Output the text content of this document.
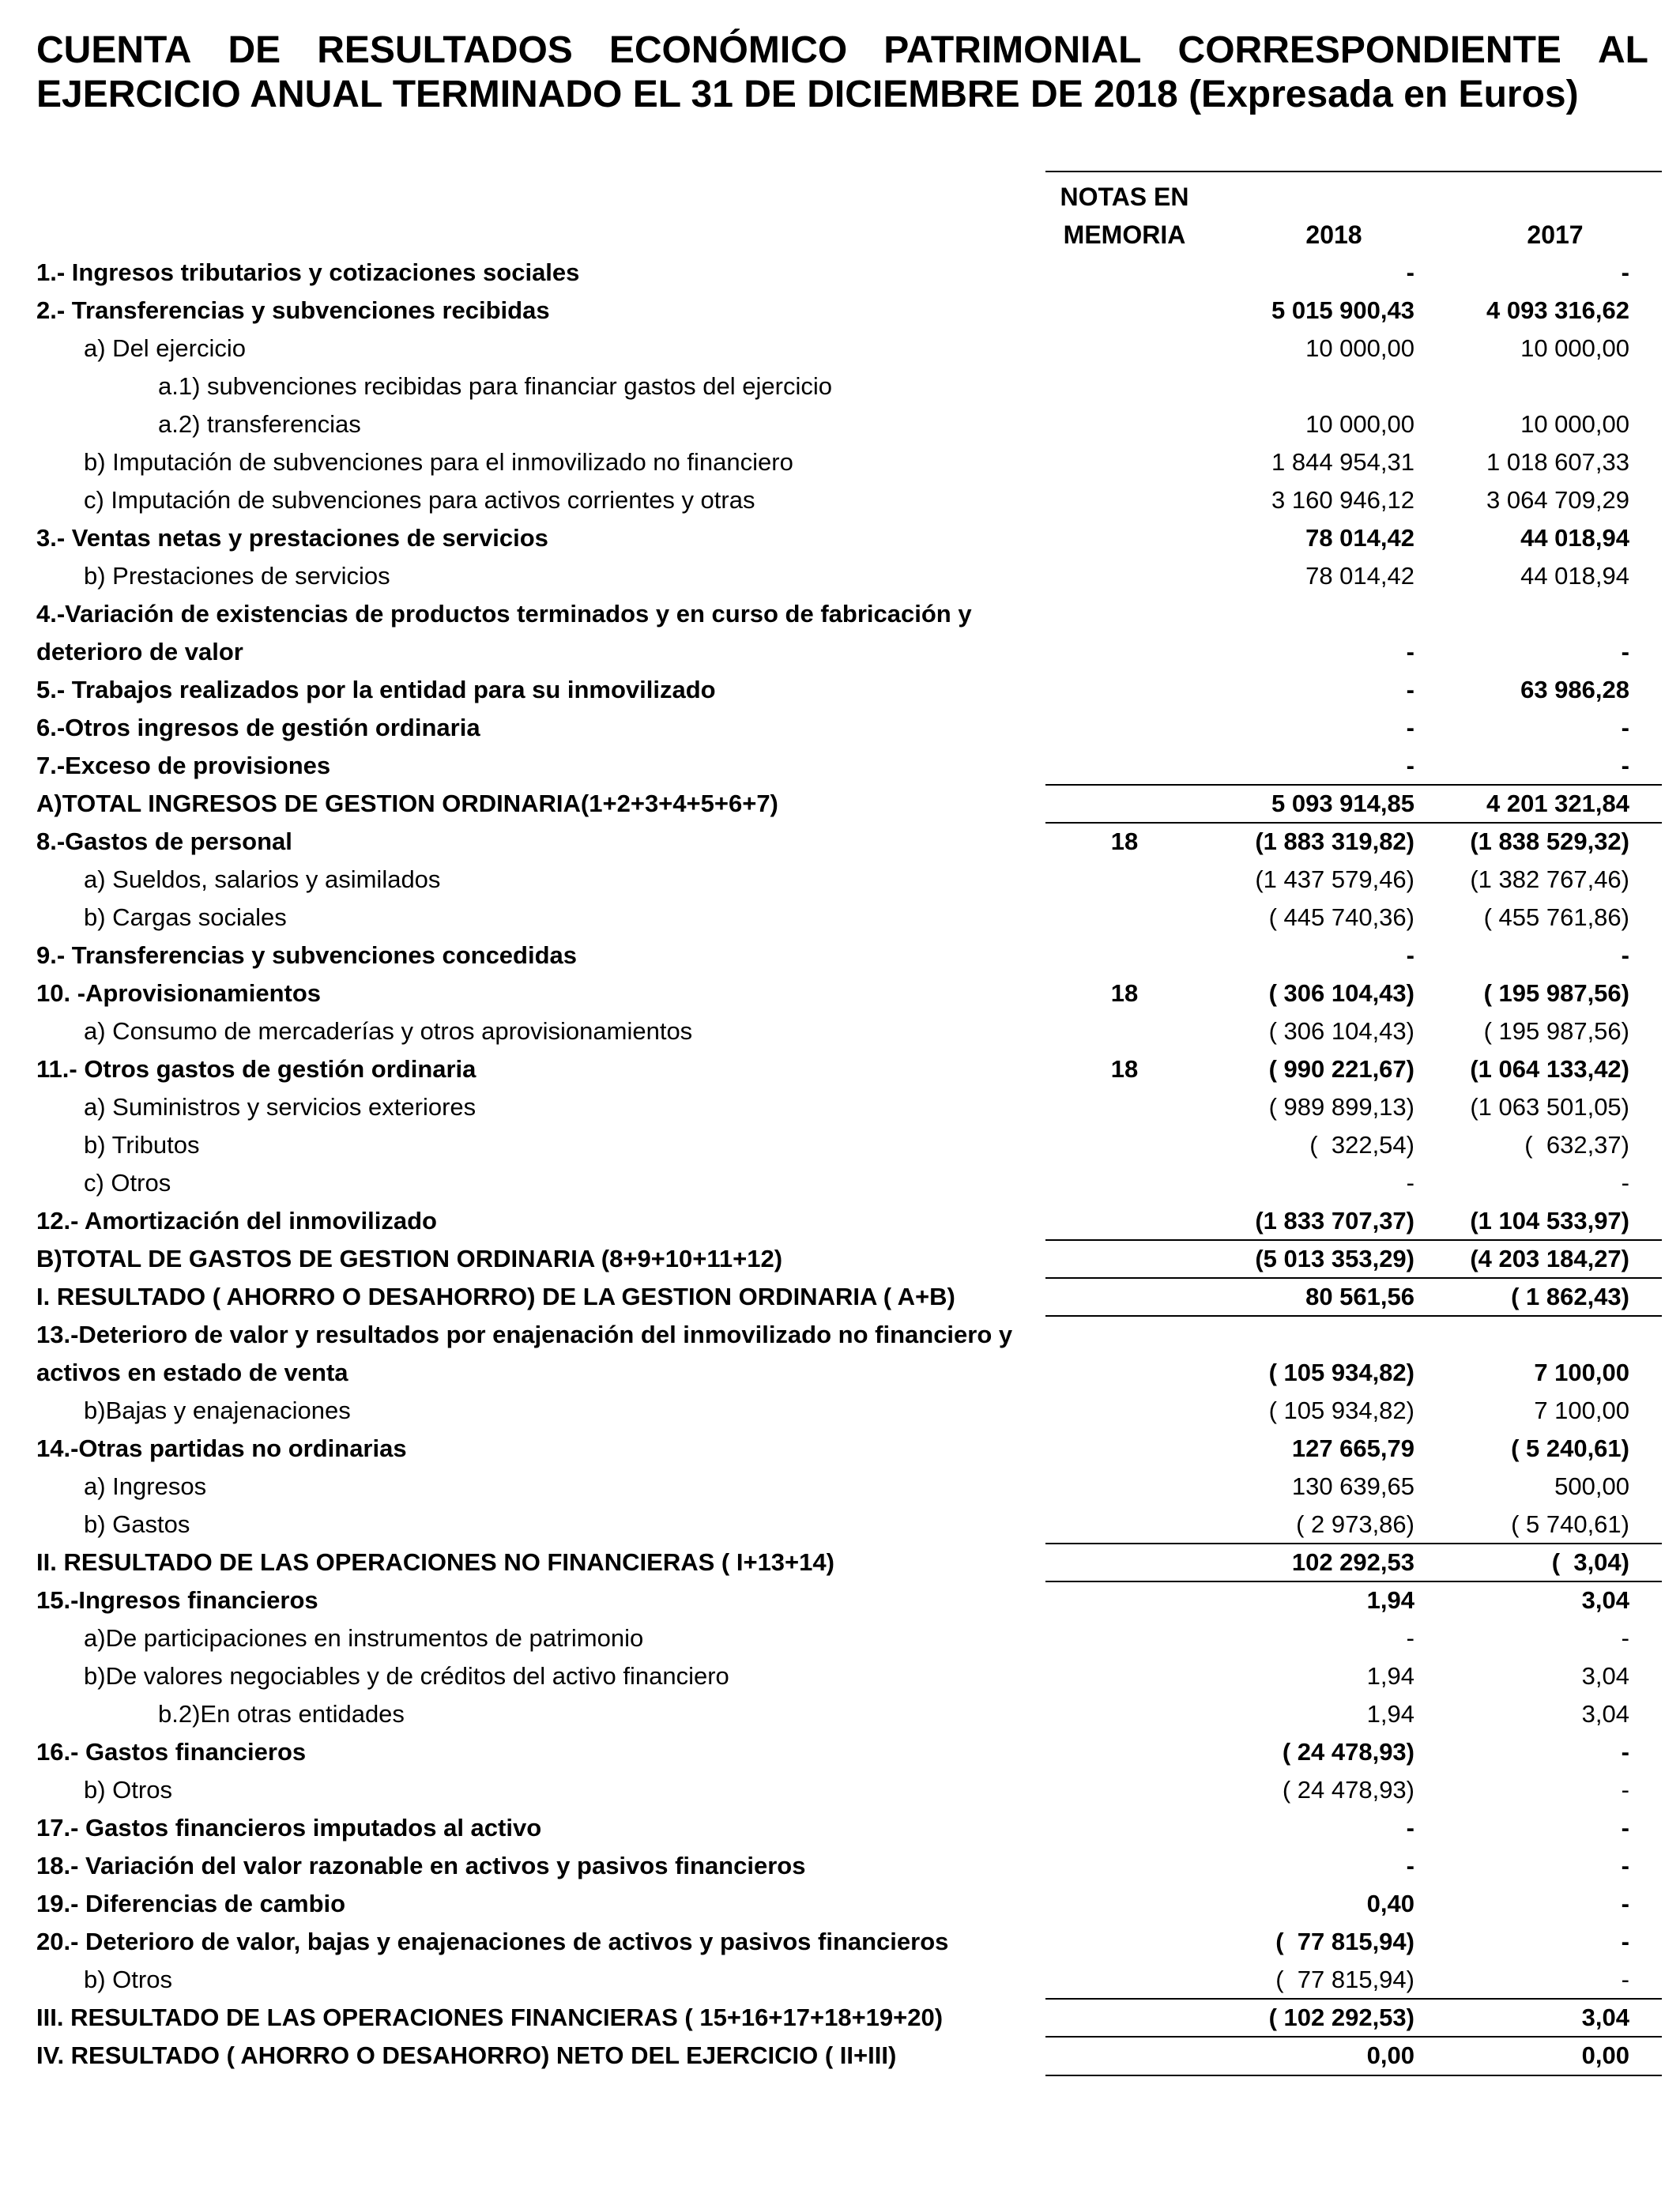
CUENTA DE RESULTADOS ECONÓMICO PATRIMONIAL CORRESPONDIENTE AL
EJERCICIO ANUAL TERMINADO EL 31 DE DICIEMBRE DE 2018 (Expresada en Euros)
NOTAS EN
MEMORIA	2018	2017
1.- Ingresos tributarios y cotizaciones sociales	-	-
2.- Transferencias y subvenciones recibidas	5 015 900,43	4 093 316,62
a) Del ejercicio	10 000,00	10 000,00
a.1) subvenciones recibidas para financiar gastos del ejercicio
a.2) transferencias	10 000,00	10 000,00
b) Imputación de subvenciones para el inmovilizado no financiero	1 844 954,31	1 018 607,33
c) Imputación de subvenciones para activos corrientes y otras	3 160 946,12	3 064 709,29
3.- Ventas netas y prestaciones de servicios	78 014,42	44 018,94
b) Prestaciones de servicios	78 014,42	44 018,94
4.-Variación de existencias de productos terminados y en curso de fabricación y deterioro de valor	-	-
5.- Trabajos realizados por la entidad para su inmovilizado	-	63 986,28
6.-Otros ingresos de gestión ordinaria	-	-
7.-Exceso de provisiones	-	-
A)TOTAL INGRESOS DE GESTION ORDINARIA(1+2+3+4+5+6+7)	5 093 914,85	4 201 321,84
8.-Gastos de personal	18	(1 883 319,82)	(1 838 529,32)
a) Sueldos, salarios y asimilados	(1 437 579,46)	(1 382 767,46)
b) Cargas sociales	( 445 740,36)	( 455 761,86)
9.- Transferencias y subvenciones concedidas	-	-
10. -Aprovisionamientos	18	( 306 104,43)	( 195 987,56)
a) Consumo de mercaderías y otros aprovisionamientos	( 306 104,43)	( 195 987,56)
11.- Otros gastos de gestión ordinaria	18	( 990 221,67)	(1 064 133,42)
a) Suministros y servicios exteriores	( 989 899,13)	(1 063 501,05)
b) Tributos	(  322,54)	(  632,37)
c) Otros	-	-
12.- Amortización del inmovilizado	(1 833 707,37)	(1 104 533,97)
B)TOTAL DE GASTOS DE GESTION ORDINARIA (8+9+10+11+12)	(5 013 353,29)	(4 203 184,27)
I. RESULTADO ( AHORRO O DESAHORRO) DE LA GESTION ORDINARIA ( A+B)	80 561,56	( 1 862,43)
13.-Deterioro de valor y resultados por enajenación del inmovilizado no financiero y activos en estado de venta	( 105 934,82)	7 100,00
b)Bajas y enajenaciones	( 105 934,82)	7 100,00
14.-Otras partidas no ordinarias	127 665,79	( 5 240,61)
a) Ingresos	130 639,65	500,00
b) Gastos	( 2 973,86)	( 5 740,61)
II. RESULTADO DE LAS OPERACIONES NO FINANCIERAS ( I+13+14)	102 292,53	(  3,04)
15.-Ingresos financieros	1,94	3,04
a)De participaciones en instrumentos de patrimonio	-	-
b)De valores negociables y de créditos del activo financiero	1,94	3,04
b.2)En otras entidades	1,94	3,04
16.- Gastos financieros	( 24 478,93)	-
b) Otros	( 24 478,93)	-
17.- Gastos financieros imputados al activo	-	-
18.- Variación del valor razonable en activos y pasivos financieros	-	-
19.- Diferencias de cambio	0,40	-
20.- Deterioro de valor, bajas y enajenaciones de activos y pasivos financieros	(  77 815,94)	-
b) Otros	(  77 815,94)	-
III. RESULTADO DE LAS OPERACIONES FINANCIERAS ( 15+16+17+18+19+20)	( 102 292,53)	3,04
IV. RESULTADO ( AHORRO O DESAHORRO) NETO DEL EJERCICIO ( II+III)	0,00	0,00
